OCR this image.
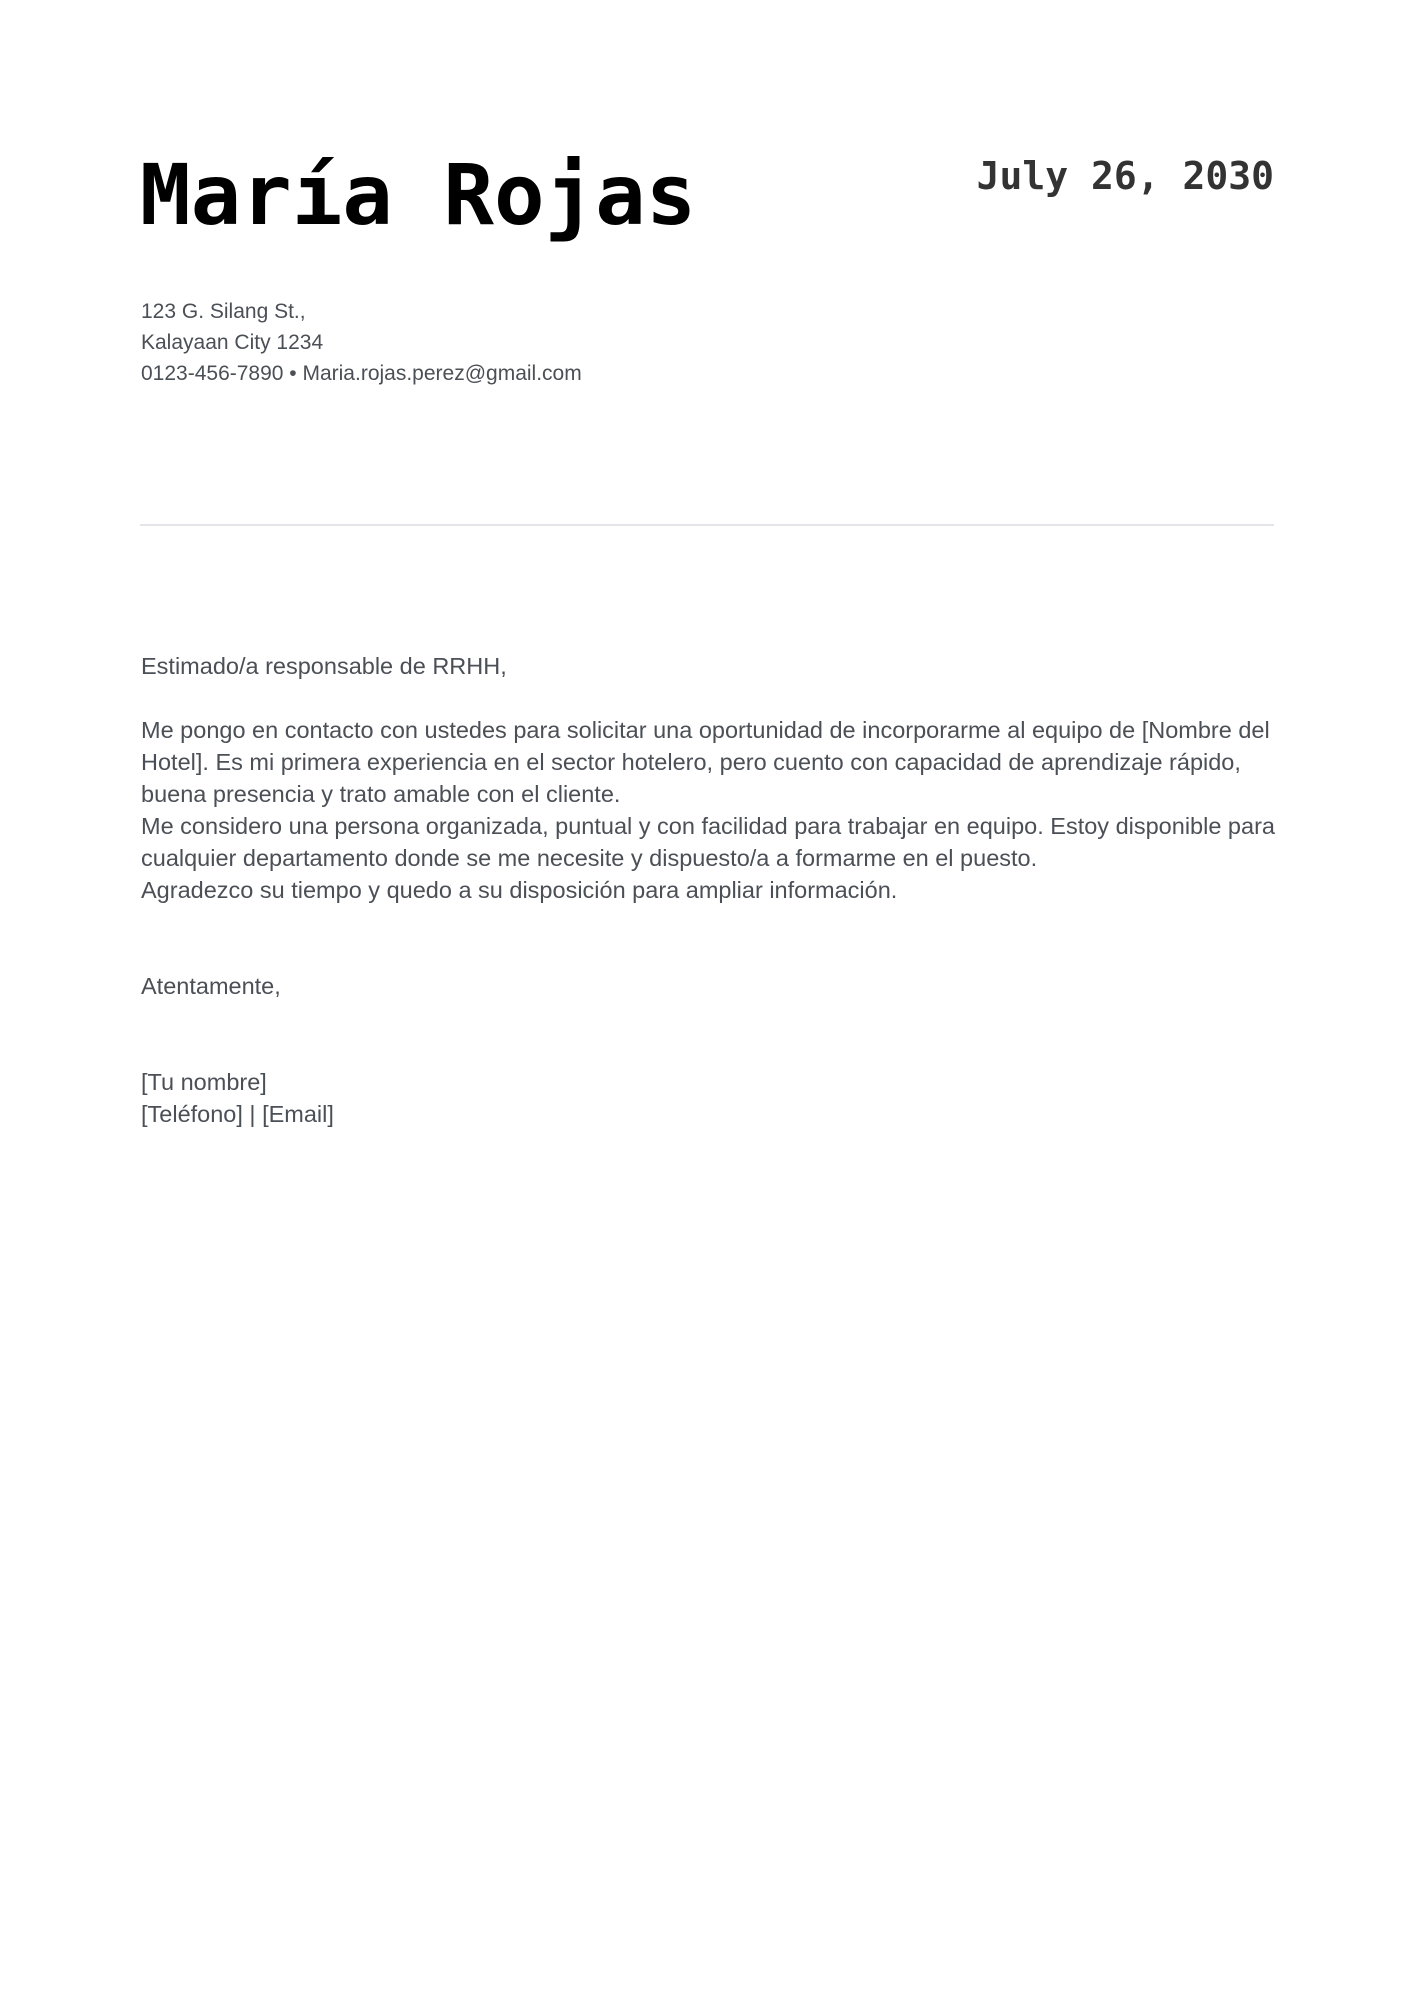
María Rojas	July 26, 2030
123 G. Silang St.,
Kalayaan City 1234
0123-456-7890 • Maria.rojas.perez@gmail.com

Estimado/a responsable de RRHH,

Me pongo en contacto con ustedes para solicitar una oportunidad de incorporarme al equipo de [Nombre del Hotel]. Es mi primera experiencia en el sector hotelero, pero cuento con capacidad de aprendizaje rápido, buena presencia y trato amable con el cliente.

Me considero una persona organizada, puntual y con facilidad para trabajar en equipo. Estoy disponible para cualquier departamento donde se me necesite y dispuesto/a a formarme en el puesto.

Agradezco su tiempo y quedo a su disposición para ampliar información.

Atentamente,

[Tu nombre]

[Teléfono] | [Email]
